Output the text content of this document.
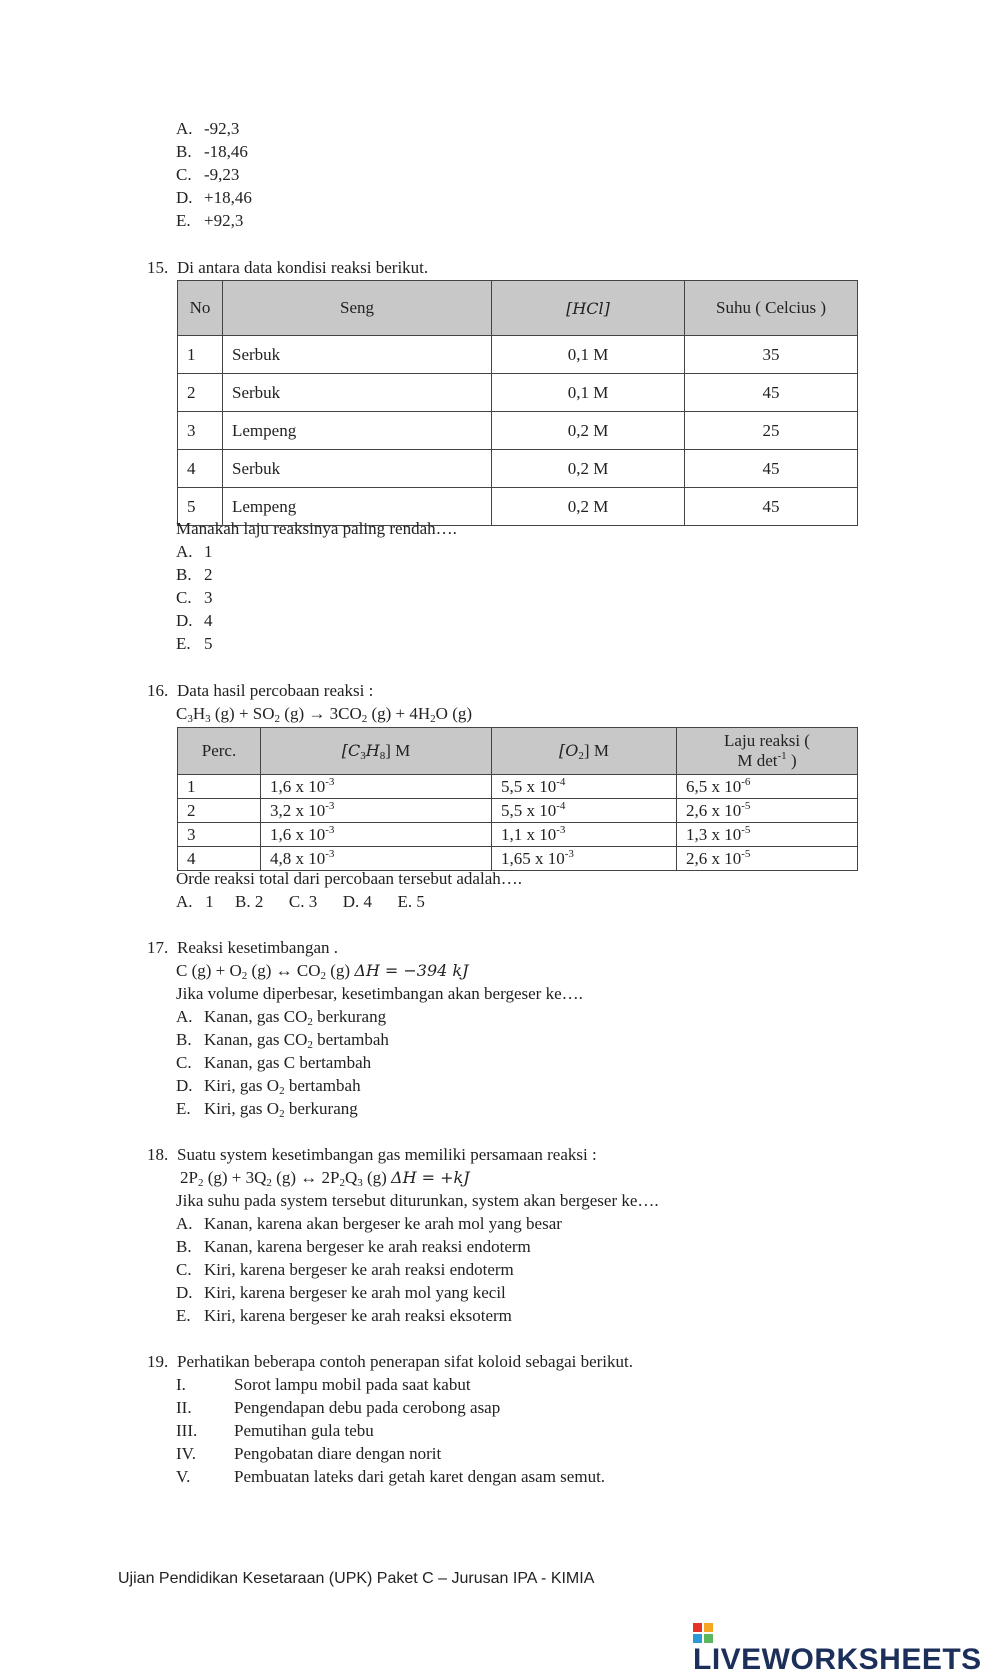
A. -92,3
B. -18,46
C. -9,23
D. +18,46
E. +92,3
15. Di antara data kondisi reaksi berikut.
No	Seng	[HCl]	Suhu ( Celcius )
1	Serbuk	0,1 M	35
2	Serbuk	0,1 M	45
3	Lempeng	0,2 M	25
4	Serbuk	0,2 M	45
5	Lempeng	0,2 M	45
Manakah laju reaksinya paling rendah….
A. 1
B. 2
C. 3
D. 4
E. 5
16. Data hasil percobaan reaksi :
$C_3H_3$ $(g) + SO_2$ $(g) \to 3CO_2$ $(g) + 4H_2O$ (g)
Perc.	$[C_3H_8]$ M	$[O_2]$ M	Laju reaksi (
M $\det^{-1}$ )
1	1,6 x $10^{-3}$	5,5 x $10^{-4}$	6,5 x $10^{-6}$
2	3,2 x $10^{-3}$	5,5 x $10^{-4}$	2,6 x $10^{-5}$
3	1,6 x $10^{-3}$	1,1 x $10^{-3}$	1,3 x $10^{-5}$
4	4,8 x $10^{-3}$	1,65 x $10^{-3}$	2,6 x $10^{-5}$
Orde reaksi total dari percobaan tersebut adalah….
A.   1     B. 2      C. 3      D. 4      E. 5
17. Reaksi kesetimbangan .
C $(g) + O_2$ (g) ↔ $CO_2$ (g) ΔH = −394 kJ
Jika volume diperbesar, kesetimbangan akan bergeser ke….
A. Kanan, gas $CO_2$ berkurang
B. Kanan, gas $CO_2$ bertambah
C. Kanan, gas C bertambah
D. Kiri, gas $O_2$ bertambah
E. Kiri, gas $O_2$ berkurang
18. Suatu system kesetimbangan gas memiliki persamaan reaksi :
$2P_2$ $(g) + 3Q_2$ (g) ↔ $2P_2Q_3$ (g) ΔH = +kJ
Jika suhu pada system tersebut diturunkan, system akan bergeser ke….
A. Kanan, karena akan bergeser ke arah mol yang besar
B. Kanan, karena bergeser ke arah reaksi endoterm
C. Kiri, karena bergeser ke arah reaksi endoterm
D. Kiri, karena bergeser ke arah mol yang kecil
E. Kiri, karena bergeser ke arah reaksi eksoterm
19. Perhatikan beberapa contoh penerapan sifat koloid sebagai berikut.
I.	Sorot lampu mobil pada saat kabut
II. Pengendapan debu pada cerobong asap
III. Pemutihan gula tebu
IV. Pengobatan diare dengan norit
V.	Pembuatan lateks dari getah karet dengan asam semut.
Ujian Pendidikan Kesetaraan (UPK) Paket C – Jurusan IPA - KIMIA
LIVEWORKSHEETS
